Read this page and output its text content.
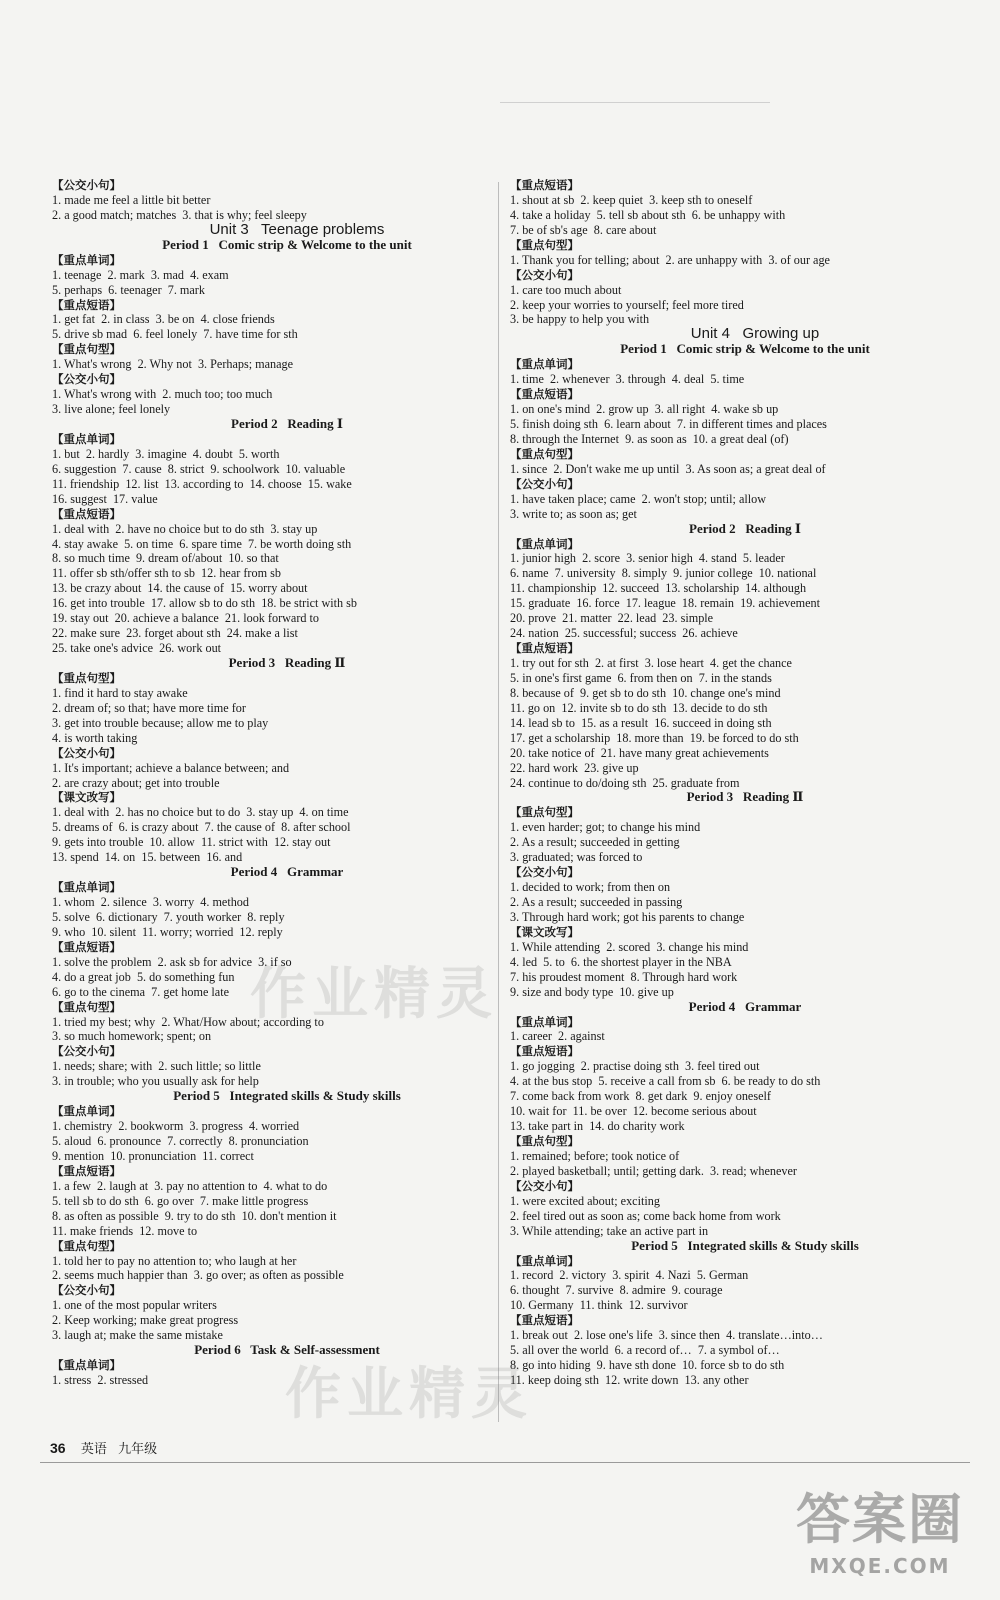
【公交小句】
1. made me feel a little bit better
2. a good match; matches  3. that is why; feel sleepy
Unit 3   Teenage problems
Period 1   Comic strip & Welcome to the unit
【重点单词】
1. teenage  2. mark  3. mad  4. exam
5. perhaps  6. teenager  7. mark
【重点短语】
1. get fat  2. in class  3. be on  4. close friends
5. drive sb mad  6. feel lonely  7. have time for sth
【重点句型】
1. What's wrong  2. Why not  3. Perhaps; manage
【公交小句】
1. What's wrong with  2. much too; too much
3. live alone; feel lonely
Period 2   Reading Ⅰ
【重点单词】
1. but  2. hardly  3. imagine  4. doubt  5. worth
6. suggestion  7. cause  8. strict  9. schoolwork  10. valuable
11. friendship  12. list  13. according to  14. choose  15. wake
16. suggest  17. value
【重点短语】
1. deal with  2. have no choice but to do sth  3. stay up
4. stay awake  5. on time  6. spare time  7. be worth doing sth
8. so much time  9. dream of/about  10. so that
11. offer sb sth/offer sth to sb  12. hear from sb
13. be crazy about  14. the cause of  15. worry about
16. get into trouble  17. allow sb to do sth  18. be strict with sb
19. stay out  20. achieve a balance  21. look forward to
22. make sure  23. forget about sth  24. make a list
25. take one's advice  26. work out
Period 3   Reading Ⅱ
【重点句型】
1. find it hard to stay awake
2. dream of; so that; have more time for
3. get into trouble because; allow me to play
4. is worth taking
【公交小句】
1. It's important; achieve a balance between; and
2. are crazy about; get into trouble
【课文改写】
1. deal with  2. has no choice but to do  3. stay up  4. on time
5. dreams of  6. is crazy about  7. the cause of  8. after school
9. gets into trouble  10. allow  11. strict with  12. stay out
13. spend  14. on  15. between  16. and
Period 4   Grammar
【重点单词】
1. whom  2. silence  3. worry  4. method
5. solve  6. dictionary  7. youth worker  8. reply
9. who  10. silent  11. worry; worried  12. reply
【重点短语】
1. solve the problem  2. ask sb for advice  3. if so
4. do a great job  5. do something fun
6. go to the cinema  7. get home late
【重点句型】
1. tried my best; why  2. What/How about; according to
3. so much homework; spent; on
【公交小句】
1. needs; share; with  2. such little; so little
3. in trouble; who you usually ask for help
Period 5   Integrated skills & Study skills
【重点单词】
1. chemistry  2. bookworm  3. progress  4. worried
5. aloud  6. pronounce  7. correctly  8. pronunciation
9. mention  10. pronunciation  11. correct
【重点短语】
1. a few  2. laugh at  3. pay no attention to  4. what to do
5. tell sb to do sth  6. go over  7. make little progress
8. as often as possible  9. try to do sth  10. don't mention it
11. make friends  12. move to
【重点句型】
1. told her to pay no attention to; who laugh at her
2. seems much happier than  3. go over; as often as possible
【公交小句】
1. one of the most popular writers
2. Keep working; make great progress
3. laugh at; make the same mistake
Period 6   Task & Self-assessment
【重点单词】
1. stress  2. stressed
【重点短语】
1. shout at sb  2. keep quiet  3. keep sth to oneself
4. take a holiday  5. tell sb about sth  6. be unhappy with
7. be of sb's age  8. care about
【重点句型】
1. Thank you for telling; about  2. are unhappy with  3. of our age
【公交小句】
1. care too much about
2. keep your worries to yourself; feel more tired
3. be happy to help you with
Unit 4   Growing up
Period 1   Comic strip & Welcome to the unit
【重点单词】
1. time  2. whenever  3. through  4. deal  5. time
【重点短语】
1. on one's mind  2. grow up  3. all right  4. wake sb up
5. finish doing sth  6. learn about  7. in different times and places
8. through the Internet  9. as soon as  10. a great deal (of)
【重点句型】
1. since  2. Don't wake me up until  3. As soon as; a great deal of
【公交小句】
1. have taken place; came  2. won't stop; until; allow
3. write to; as soon as; get
Period 2   Reading Ⅰ
【重点单词】
1. junior high  2. score  3. senior high  4. stand  5. leader
6. name  7. university  8. simply  9. junior college  10. national
11. championship  12. succeed  13. scholarship  14. although
15. graduate  16. force  17. league  18. remain  19. achievement
20. prove  21. matter  22. lead  23. simple
24. nation  25. successful; success  26. achieve
【重点短语】
1. try out for sth  2. at first  3. lose heart  4. get the chance
5. in one's first game  6. from then on  7. in the stands
8. because of  9. get sb to do sth  10. change one's mind
11. go on  12. invite sb to do sth  13. decide to do sth
14. lead sb to  15. as a result  16. succeed in doing sth
17. get a scholarship  18. more than  19. be forced to do sth
20. take notice of  21. have many great achievements
22. hard work  23. give up
24. continue to do/doing sth  25. graduate from
Period 3   Reading Ⅱ
【重点句型】
1. even harder; got; to change his mind
2. As a result; succeeded in getting
3. graduated; was forced to
【公交小句】
1. decided to work; from then on
2. As a result; succeeded in passing
3. Through hard work; got his parents to change
【课文改写】
1. While attending  2. scored  3. change his mind
4. led  5. to  6. the shortest player in the NBA
7. his proudest moment  8. Through hard work
9. size and body type  10. give up
Period 4   Grammar
【重点单词】
1. career  2. against
【重点短语】
1. go jogging  2. practise doing sth  3. feel tired out
4. at the bus stop  5. receive a call from sb  6. be ready to do sth
7. come back from work  8. get dark  9. enjoy oneself
10. wait for  11. be over  12. become serious about
13. take part in  14. do charity work
【重点句型】
1. remained; before; took notice of
2. played basketball; until; getting dark.  3. read; whenever
【公交小句】
1. were excited about; exciting
2. feel tired out as soon as; come back home from work
3. While attending; take an active part in
Period 5   Integrated skills & Study skills
【重点单词】
1. record  2. victory  3. spirit  4. Nazi  5. German
6. thought  7. survive  8. admire  9. courage
10. Germany  11. think  12. survivor
【重点短语】
1. break out  2. lose one's life  3. since then  4. translate…into…
5. all over the world  6. a record of…  7. a symbol of…
8. go into hiding  9. have sth done  10. force sb to do sth
11. keep doing sth  12. write down  13. any other
作业精灵
作业精灵
36 英语 九年级
答案圈
MXQE.COM
